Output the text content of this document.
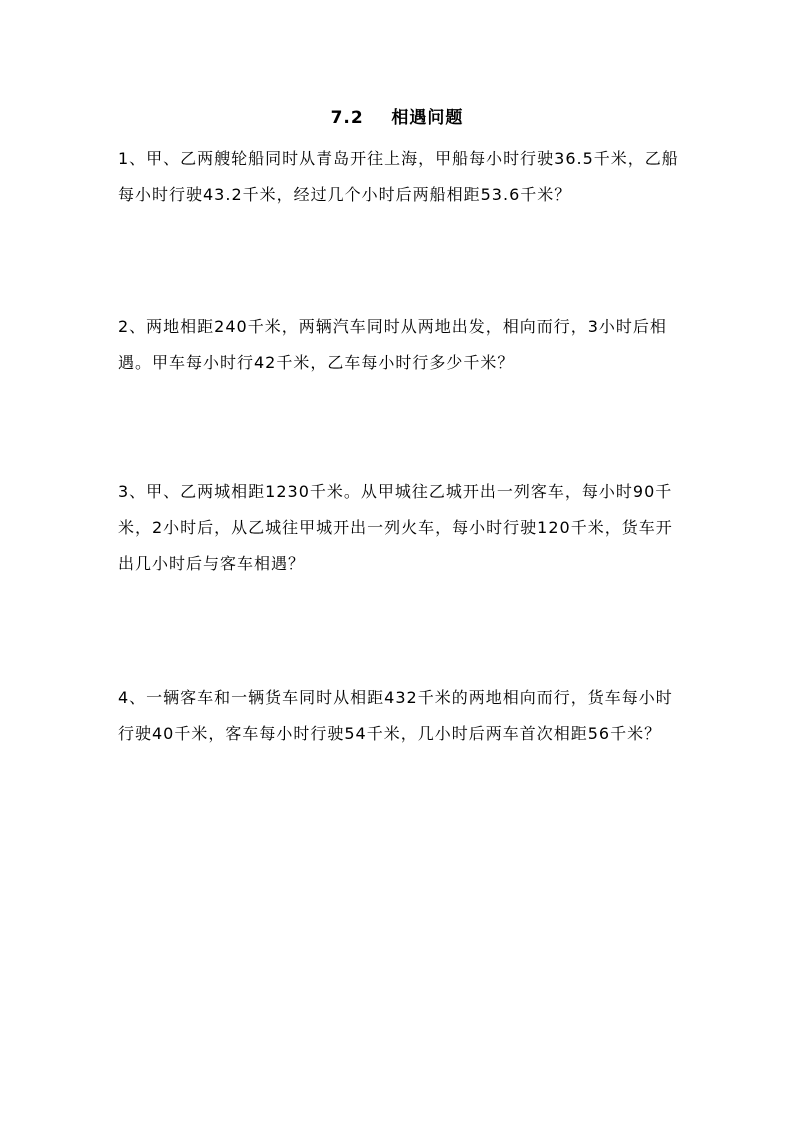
7.2    相遇问题
1、甲、乙两艘轮船同时从青岛开往上海，甲船每小时行驶36.5千米，乙船每小时行驶43.2千米，经过几个小时后两船相距53.6千米？
2、两地相距240千米，两辆汽车同时从两地出发，相向而行，3小时后相遇。甲车每小时行42千米，乙车每小时行多少千米？
3、甲、乙两城相距1230千米。从甲城往乙城开出一列客车，每小时90千米，2小时后，从乙城往甲城开出一列火车，每小时行驶120千米，货车开出几小时后与客车相遇？
4、一辆客车和一辆货车同时从相距432千米的两地相向而行，货车每小时行驶40千米，客车每小时行驶54千米，几小时后两车首次相距56千米？
